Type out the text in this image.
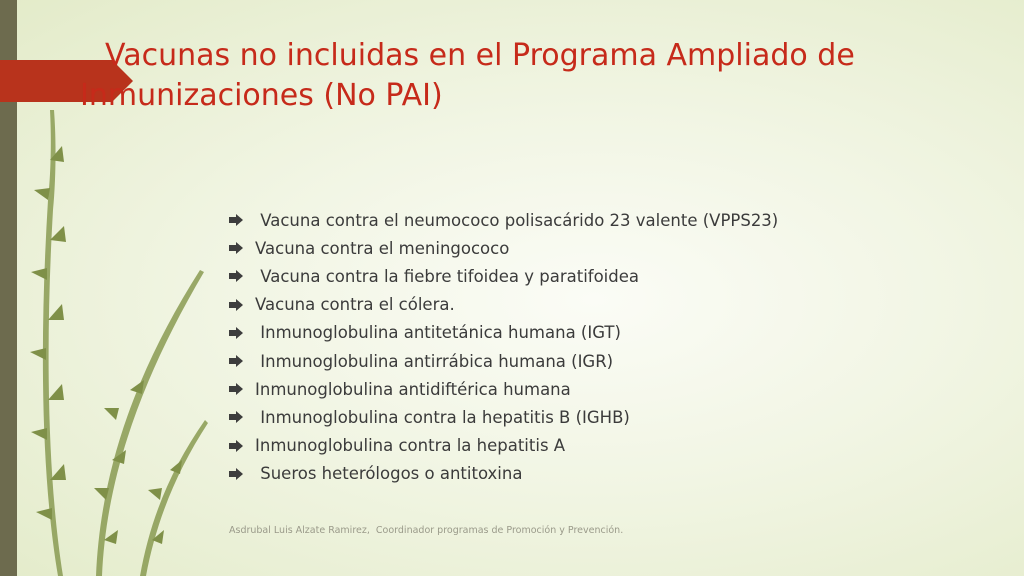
Vacunas no incluidas en el Programa Ampliado de Inmunizaciones (No PAI)

Vacuna contra el neumococo polisacárido 23 valente (VPPS23)

Vacuna contra el meningococo

Vacuna contra la fiebre tifoidea y paratifoidea

Vacuna contra el cólera.

Inmunoglobulina antitetánica humana (IGT)

Inmunoglobulina antirrábica humana (IGR)

Inmunoglobulina antidiftérica humana

Inmunoglobulina contra la hepatitis B (IGHB)

Inmunoglobulina contra la hepatitis A

Sueros heterólogos o antitoxina
Asdrubal Luis Alzate Ramirez,  Coordinador programas de Promoción y Prevención.
